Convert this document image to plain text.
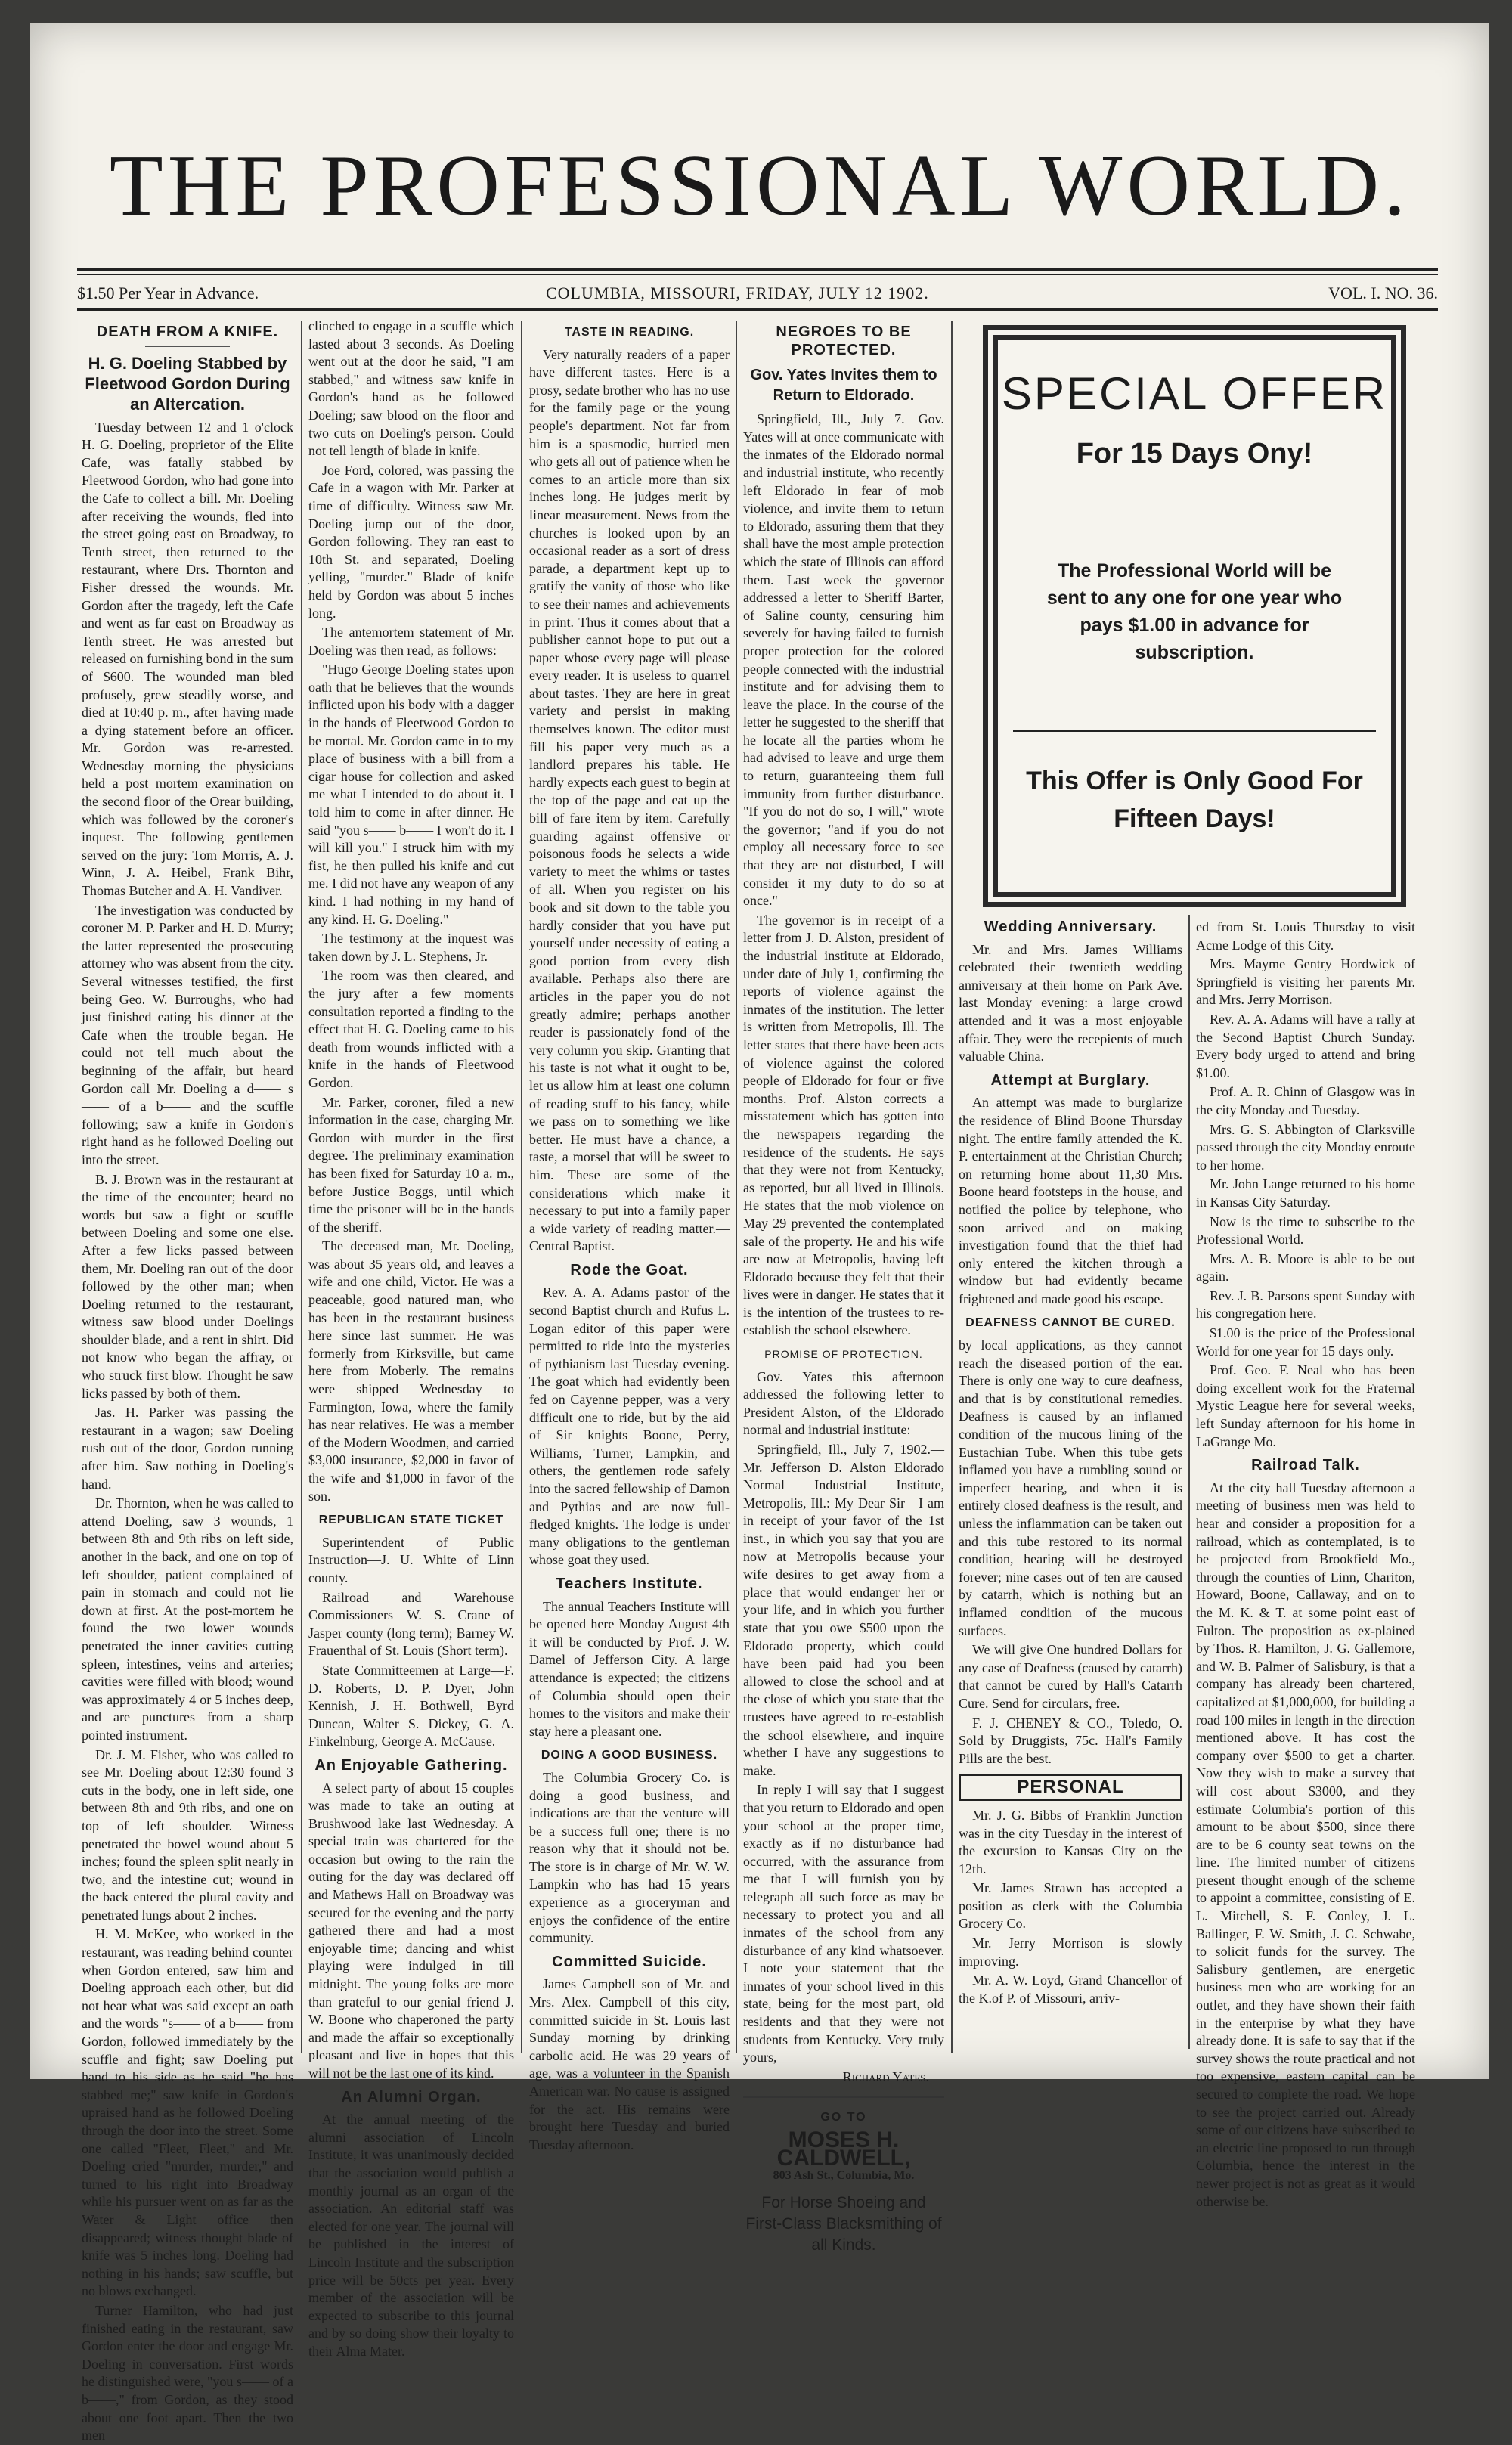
THE PROFESSIONAL WORLD.
$1.50 Per Year in Advance.	COLUMBIA, MISSOURI, FRIDAY, JULY 12 1902.	VOL. I. NO. 36.
DEATH FROM A KNIFE.
H. G. Doeling Stabbed by Fleetwood Gordon During an Altercation.

Tuesday between 12 and 1 o'clock H. G. Doeling, proprietor of the Elite Cafe, was fatally stabbed by Fleetwood Gordon, who had gone into the Cafe to collect a bill. Mr. Doeling after receiving the wounds, fled into the street going east on Broadway, to Tenth street, then returned to the restaurant, where Drs. Thornton and Fisher dressed the wounds. Mr. Gordon after the tragedy, left the Cafe and went as far east on Broadway as Tenth street. He was arrested but released on furnishing bond in the sum of $600. The wounded man bled profusely, grew steadily worse, and died at 10:40 p. m., after having made a dying statement before an officer. Mr. Gordon was re-arrested. Wednesday morning the physicians held a post mortem examination on the second floor of the Orear building, which was followed by the coroner's inquest. The following gentlemen served on the jury: Tom Morris, A. J. Winn, J. A. Heibel, Frank Bihr, Thomas Butcher and A. H. Vandiver.

The investigation was conducted by coroner M. P. Parker and H. D. Murry; the latter represented the prosecuting attorney who was absent from the city. Several witnesses testified, the first being Geo. W. Burroughs, who had just finished eating his dinner at the Cafe when the trouble began. He could not tell much about the beginning of the affair, but heard Gordon call Mr. Doeling a d—— s—— of a b—— and the scuffle following; saw a knife in Gordon's right hand as he followed Doeling out into the street.

B. J. Brown was in the restaurant at the time of the encounter; heard no words but saw a fight or scuffle between Doeling and some one else. After a few licks passed between them, Mr. Doeling ran out of the door followed by the other man; when Doeling returned to the restaurant, witness saw blood under Doelings shoulder blade, and a rent in shirt. Did not know who began the affray, or who struck first blow. Thought he saw licks passed by both of them.

Jas. H. Parker was passing the restaurant in a wagon; saw Doeling rush out of the door, Gordon running after him. Saw nothing in Doeling's hand.

Dr. Thornton, when he was called to attend Doeling, saw 3 wounds, 1 between 8th and 9th ribs on left side, another in the back, and one on top of left shoulder, patient complained of pain in stomach and could not lie down at first. At the post-mortem he found the two lower wounds penetrated the inner cavities cutting spleen, intestines, veins and arteries; cavities were filled with blood; wound was approximately 4 or 5 inches deep, and are punctures from a sharp pointed instrument.

Dr. J. M. Fisher, who was called to see Mr. Doeling about 12:30 found 3 cuts in the body, one in left side, one between 8th and 9th ribs, and one on top of left shoulder. Witness penetrated the bowel wound about 5 inches; found the spleen split nearly in two, and the intestine cut; wound in the back entered the plural cavity and penetrated lungs about 2 inches.

H. M. McKee, who worked in the restaurant, was reading behind counter when Gordon entered, saw him and Doeling approach each other, but did not hear what was said except an oath and the words "s—— of a b—— from Gordon, followed immediately by the scuffle and fight; saw Doeling put hand to his side as he said "he has stabbed me;" saw knife in Gordon's upraised hand as he followed Doeling through the door into the street. Some one called "Fleet, Fleet," and Mr. Doeling cried "murder, murder," and turned to his right into Broadway while his pursuer went on as far as the Water & Light office then disappeared; witness thought blade of knife was 5 inches long. Doeling had nothing in his hands; saw scuffle, but no blows exchanged.

Turner Hamilton, who had just finished eating in the restaurant, saw Gordon enter the door and engage Mr. Doeling in conversation. First words he distinguished were, "you s—— of a b——," from Gordon, as they stood about one foot apart. Then the two men

clinched to engage in a scuffle which lasted about 3 seconds. As Doeling went out at the door he said, "I am stabbed," and witness saw knife in Gordon's hand as he followed Doeling; saw blood on the floor and two cuts on Doeling's person. Could not tell length of blade in knife.

Joe Ford, colored, was passing the Cafe in a wagon with Mr. Parker at time of difficulty. Witness saw Mr. Doeling jump out of the door, Gordon following. They ran east to 10th St. and separated, Doeling yelling, "murder." Blade of knife held by Gordon was about 5 inches long.

The antemortem statement of Mr. Doeling was then read, as follows:

"Hugo George Doeling states upon oath that he believes that the wounds inflicted upon his body with a dagger in the hands of Fleetwood Gordon to be mortal. Mr. Gordon came in to my place of business with a bill from a cigar house for collection and asked me what I intended to do about it. I told him to come in after dinner. He said "you s—— b—— I won't do it. I will kill you." I struck him with my fist, he then pulled his knife and cut me. I did not have any weapon of any kind. I had nothing in my hand of any kind. H. G. Doeling."

The testimony at the inquest was taken down by J. L. Stephens, Jr.

The room was then cleared, and the jury after a few moments consultation reported a finding to the effect that H. G. Doeling came to his death from wounds inflicted with a knife in the hands of Fleetwood Gordon.

Mr. Parker, coroner, filed a new information in the case, charging Mr. Gordon with murder in the first degree. The preliminary examination has been fixed for Saturday 10 a. m., before Justice Boggs, until which time the prisoner will be in the hands of the sheriff.

The deceased man, Mr. Doeling, was about 35 years old, and leaves a wife and one child, Victor. He was a peaceable, good natured man, who has been in the restaurant business here since last summer. He was formerly from Kirksville, but came here from Moberly. The remains were shipped Wednesday to Farmington, Iowa, where the family has near relatives. He was a member of the Modern Woodmen, and carried $3,000 insurance, $2,000 in favor of the wife and $1,000 in favor of the son.

REPUBLICAN STATE TICKET

Superintendent of Public Instruction—J. U. White of Linn county.

Railroad and Warehouse Commissioners—W. S. Crane of Jasper county (long term); Barney W. Frauenthal of St. Louis (Short term).

State Committeemen at Large—F. D. Roberts, D. P. Dyer, John Kennish, J. H. Bothwell, Byrd Duncan, Walter S. Dickey, G. A. Finkelnburg, George A. McCause.

An Enjoyable Gathering.

A select party of about 15 couples was made to take an outing at Brushwood lake last Wednesday. A special train was chartered for the occasion but owing to the rain the outing for the day was declared off and Mathews Hall on Broadway was secured for the evening and the party gathered there and had a most enjoyable time; dancing and whist playing were indulged in till midnight. The young folks are more than grateful to our genial friend J. W. Boone who chaperoned the party and made the affair so exceptionally pleasant and live in hopes that this will not be the last one of its kind.

An Alumni Organ.

At the annual meeting of the alumni association of Lincoln Institute, it was unanimously decided that the association would publish a monthly journal as an organ of the association. An editorial staff was elected for one year. The journal will be published in the interest of Lincoln Institute and the subscription price will be 50cts per year. Every member of the association will be expected to subscribe to this journal and by so doing show their loyalty to their Alma Mater.

TASTE IN READING.

Very naturally readers of a paper have different tastes. Here is a prosy, sedate brother who has no use for the family page or the young people's department. Not far from him is a spasmodic, hurried men who gets all out of patience when he comes to an article more than six inches long. He judges merit by linear measurement. News from the churches is looked upon by an occasional reader as a sort of dress parade, a department kept up to gratify the vanity of those who like to see their names and achievements in print. Thus it comes about that a publisher cannot hope to put out a paper whose every page will please every reader. It is useless to quarrel about tastes. They are here in great variety and persist in making themselves known. The editor must fill his paper very much as a landlord prepares his table. He hardly expects each guest to begin at the top of the page and eat up the bill of fare item by item. Carefully guarding against offensive or poisonous foods he selects a wide variety to meet the whims or tastes of all. When you register on his book and sit down to the table you hardly consider that you have put yourself under necessity of eating a good portion from every dish available. Perhaps also there are articles in the paper you do not greatly admire; perhaps another reader is passionately fond of the very column you skip. Granting that his taste is not what it ought to be, let us allow him at least one column of reading stuff to his fancy, while we pass on to something we like better. He must have a chance, a taste, a morsel that will be sweet to him. These are some of the considerations which make it necessary to put into a family paper a wide variety of reading matter.—Central Baptist.

Rode the Goat.

Rev. A. A. Adams pastor of the second Baptist church and Rufus L. Logan editor of this paper were permitted to ride into the mysteries of pythianism last Tuesday evening. The goat which had evidently been fed on Cayenne pepper, was a very difficult one to ride, but by the aid of Sir knights Boone, Perry, Williams, Turner, Lampkin, and others, the gentlemen rode safely into the sacred fellowship of Damon and Pythias and are now full-fledged knights. The lodge is under many obligations to the gentleman whose goat they used.

Teachers Institute.

The annual Teachers Institute will be opened here Monday August 4th it will be conducted by Prof. J. W. Damel of Jefferson City. A large attendance is expected; the citizens of Columbia should open their homes to the visitors and make their stay here a pleasant one.

DOING A GOOD BUSINESS.

The Columbia Grocery Co. is doing a good business, and indications are that the venture will be a success full one; there is no reason why that it should not be. The store is in charge of Mr. W. W. Lampkin who has had 15 years experience as a groceryman and enjoys the confidence of the entire community.

Committed Suicide.

James Campbell son of Mr. and Mrs. Alex. Campbell of this city, committed suicide in St. Louis last Sunday morning by drinking carbolic acid. He was 29 years of age, was a volunteer in the Spanish American war. No cause is assigned for the act. His remains were brought here Tuesday and buried Tuesday afternoon.

NEGROES TO BE PROTECTED.
Gov. Yates Invites them to Return to Eldorado.

Springfield, Ill., July 7.—Gov. Yates will at once communicate with the inmates of the Eldorado normal and industrial institute, who recently left Eldorado in fear of mob violence, and invite them to return to Eldorado, assuring them that they shall have the most ample protection which the state of Illinois can afford them. Last week the governor addressed a letter to Sheriff Barter, of Saline county, censuring him severely for having failed to furnish proper protection for the colored people connected with the industrial institute and for advising them to leave the place. In the course of the letter he suggested to the sheriff that he locate all the parties whom he had advised to leave and urge them to return, guaranteeing them full immunity from further disturbance. "If you do not do so, I will," wrote the governor; "and if you do not employ all necessary force to see that they are not disturbed, I will consider it my duty to do so at once."

The governor is in receipt of a letter from J. D. Alston, president of the industrial institute at Eldorado, under date of July 1, confirming the reports of violence against the inmates of the institution. The letter is written from Metropolis, Ill. The letter states that there have been acts of violence against the colored people of Eldorado for four or five months. Prof. Alston corrects a misstatement which has gotten into the newspapers regarding the residence of the students. He says that they were not from Kentucky, as reported, but all lived in Illinois. He states that the mob violence on May 29 prevented the contemplated sale of the property. He and his wife are now at Metropolis, having left Eldorado because they felt that their lives were in danger. He states that it is the intention of the trustees to re-establish the school elsewhere.

PROMISE OF PROTECTION.

Gov. Yates this afternoon addressed the following letter to President Alston, of the Eldorado normal and industrial institute:

Springfield, Ill., July 7, 1902.—Mr. Jefferson D. Alston Eldorado Normal Industrial Institute, Metropolis, Ill.: My Dear Sir—I am in receipt of your favor of the 1st inst., in which you say that you are now at Metropolis because your wife desires to get away from a place that would endanger her or your life, and in which you further state that you owe $500 upon the Eldorado property, which could have been paid had you been allowed to close the school and at the close of which you state that the trustees have agreed to re-establish the school elsewhere, and inquire whether I have any suggestions to make.

In reply I will say that I suggest that you return to Eldorado and open your school at the proper time, exactly as if no disturbance had occurred, with the assurance from me that I will furnish you by telegraph all such force as may be necessary to protect you and all inmates of the school from any disturbance of any kind whatsoever. I note your statement that the inmates of your school lived in this state, being for the most part, old residents and that they were not students from Kentucky. Very truly yours,

Richard Yates.
GO TO
MOSES H. CALDWELL,
803 Ash St., Columbia, Mo.
For Horse Shoeing and First-Class Blacksmithing of all Kinds.
SPECIAL OFFER
For 15 Days Ony!
The Professional World will be sent to any one for one year who pays $1.00 in advance for subscription.
This Offer is Only Good For Fifteen Days!
Wedding Anniversary.

Mr. and Mrs. James Williams celebrated their twentieth wedding anniversary at their home on Park Ave. last Monday evening: a large crowd attended and it was a most enjoyable affair. They were the recepients of much valuable China.

Attempt at Burglary.

An attempt was made to burglarize the residence of Blind Boone Thursday night. The entire family attended the K. P. entertainment at the Christian Church; on returning home about 11,30 Mrs. Boone heard footsteps in the house, and notified the police by telephone, who soon arrived and on making investigation found that the thief had only entered the kitchen through a window but had evidently became frightened and made good his escape.

DEAFNESS CANNOT BE CURED.

by local applications, as they cannot reach the diseased portion of the ear. There is only one way to cure deafness, and that is by constitutional remedies. Deafness is caused by an inflamed condition of the mucous lining of the Eustachian Tube. When this tube gets inflamed you have a rumbling sound or imperfect hearing, and when it is entirely closed deafness is the result, and unless the inflammation can be taken out and this tube restored to its normal condition, hearing will be destroyed forever; nine cases out of ten are caused by catarrh, which is nothing but an inflamed condition of the mucous surfaces.

We will give One hundred Dollars for any case of Deafness (caused by catarrh) that cannot be cured by Hall's Catarrh Cure. Send for circulars, free.

F. J. CHENEY & CO., Toledo, O. Sold by Druggists, 75c. Hall's Family Pills are the best.

PERSONAL

Mr. J. G. Bibbs of Franklin Junction was in the city Tuesday in the interest of the excursion to Kansas City on the 12th.

Mr. James Strawn has accepted a position as clerk with the Columbia Grocery Co.

Mr. Jerry Morrison is slowly improving.

Mr. A. W. Loyd, Grand Chancellor of the K.of P. of Missouri, arriv-

ed from St. Louis Thursday to visit Acme Lodge of this City.

Mrs. Mayme Gentry Hordwick of Springfield is visiting her parents Mr. and Mrs. Jerry Morrison.

Rev. A. A. Adams will have a rally at the Second Baptist Church Sunday. Every body urged to attend and bring $1.00.

Prof. A. R. Chinn of Glasgow was in the city Monday and Tuesday.

Mrs. G. S. Abbington of Clarksville passed through the city Monday enroute to her home.

Mr. John Lange returned to his home in Kansas City Saturday.

Now is the time to subscribe to the Professional World.

Mrs. A. B. Moore is able to be out again.

Rev. J. B. Parsons spent Sunday with his congregation here.

$1.00 is the price of the Professional World for one year for 15 days only.

Prof. Geo. F. Neal who has been doing excellent work for the Fraternal Mystic League here for several weeks, left Sunday afternoon for his home in LaGrange Mo.

Railroad Talk.

At the city hall Tuesday afternoon a meeting of business men was held to hear and consider a proposition for a railroad, which as contemplated, is to be projected from Brookfield Mo., through the counties of Linn, Chariton, Howard, Boone, Callaway, and on to the M. K. & T. at some point east of Fulton. The proposition as ex-plained by Thos. R. Hamilton, J. G. Gallemore, and W. B. Palmer of Salisbury, is that a company has already been chartered, capitalized at $1,000,000, for building a road 100 miles in length in the direction mentioned above. It has cost the company over $500 to get a charter. Now they wish to make a survey that will cost about $3000, and they estimate Columbia's portion of this amount to be about $500, since there are to be 6 county seat towns on the line. The limited number of citizens present thought enough of the scheme to appoint a committee, consisting of E. L. Mitchell, S. F. Conley, J. L. Ballinger, F. W. Smith, J. C. Schwabe, to solicit funds for the survey. The Salisbury gentlemen, are energetic business men who are working for an outlet, and they have shown their faith in the enterprise by what they have already done. It is safe to say that if the survey shows the route practical and not too expensive, eastern capital can be secured to complete the road. We hope to see the project carried out. Already some of our citizens have subscribed to an electric line proposed to run through Columbia, hence the interest in the newer project is not as great as it would otherwise be.
